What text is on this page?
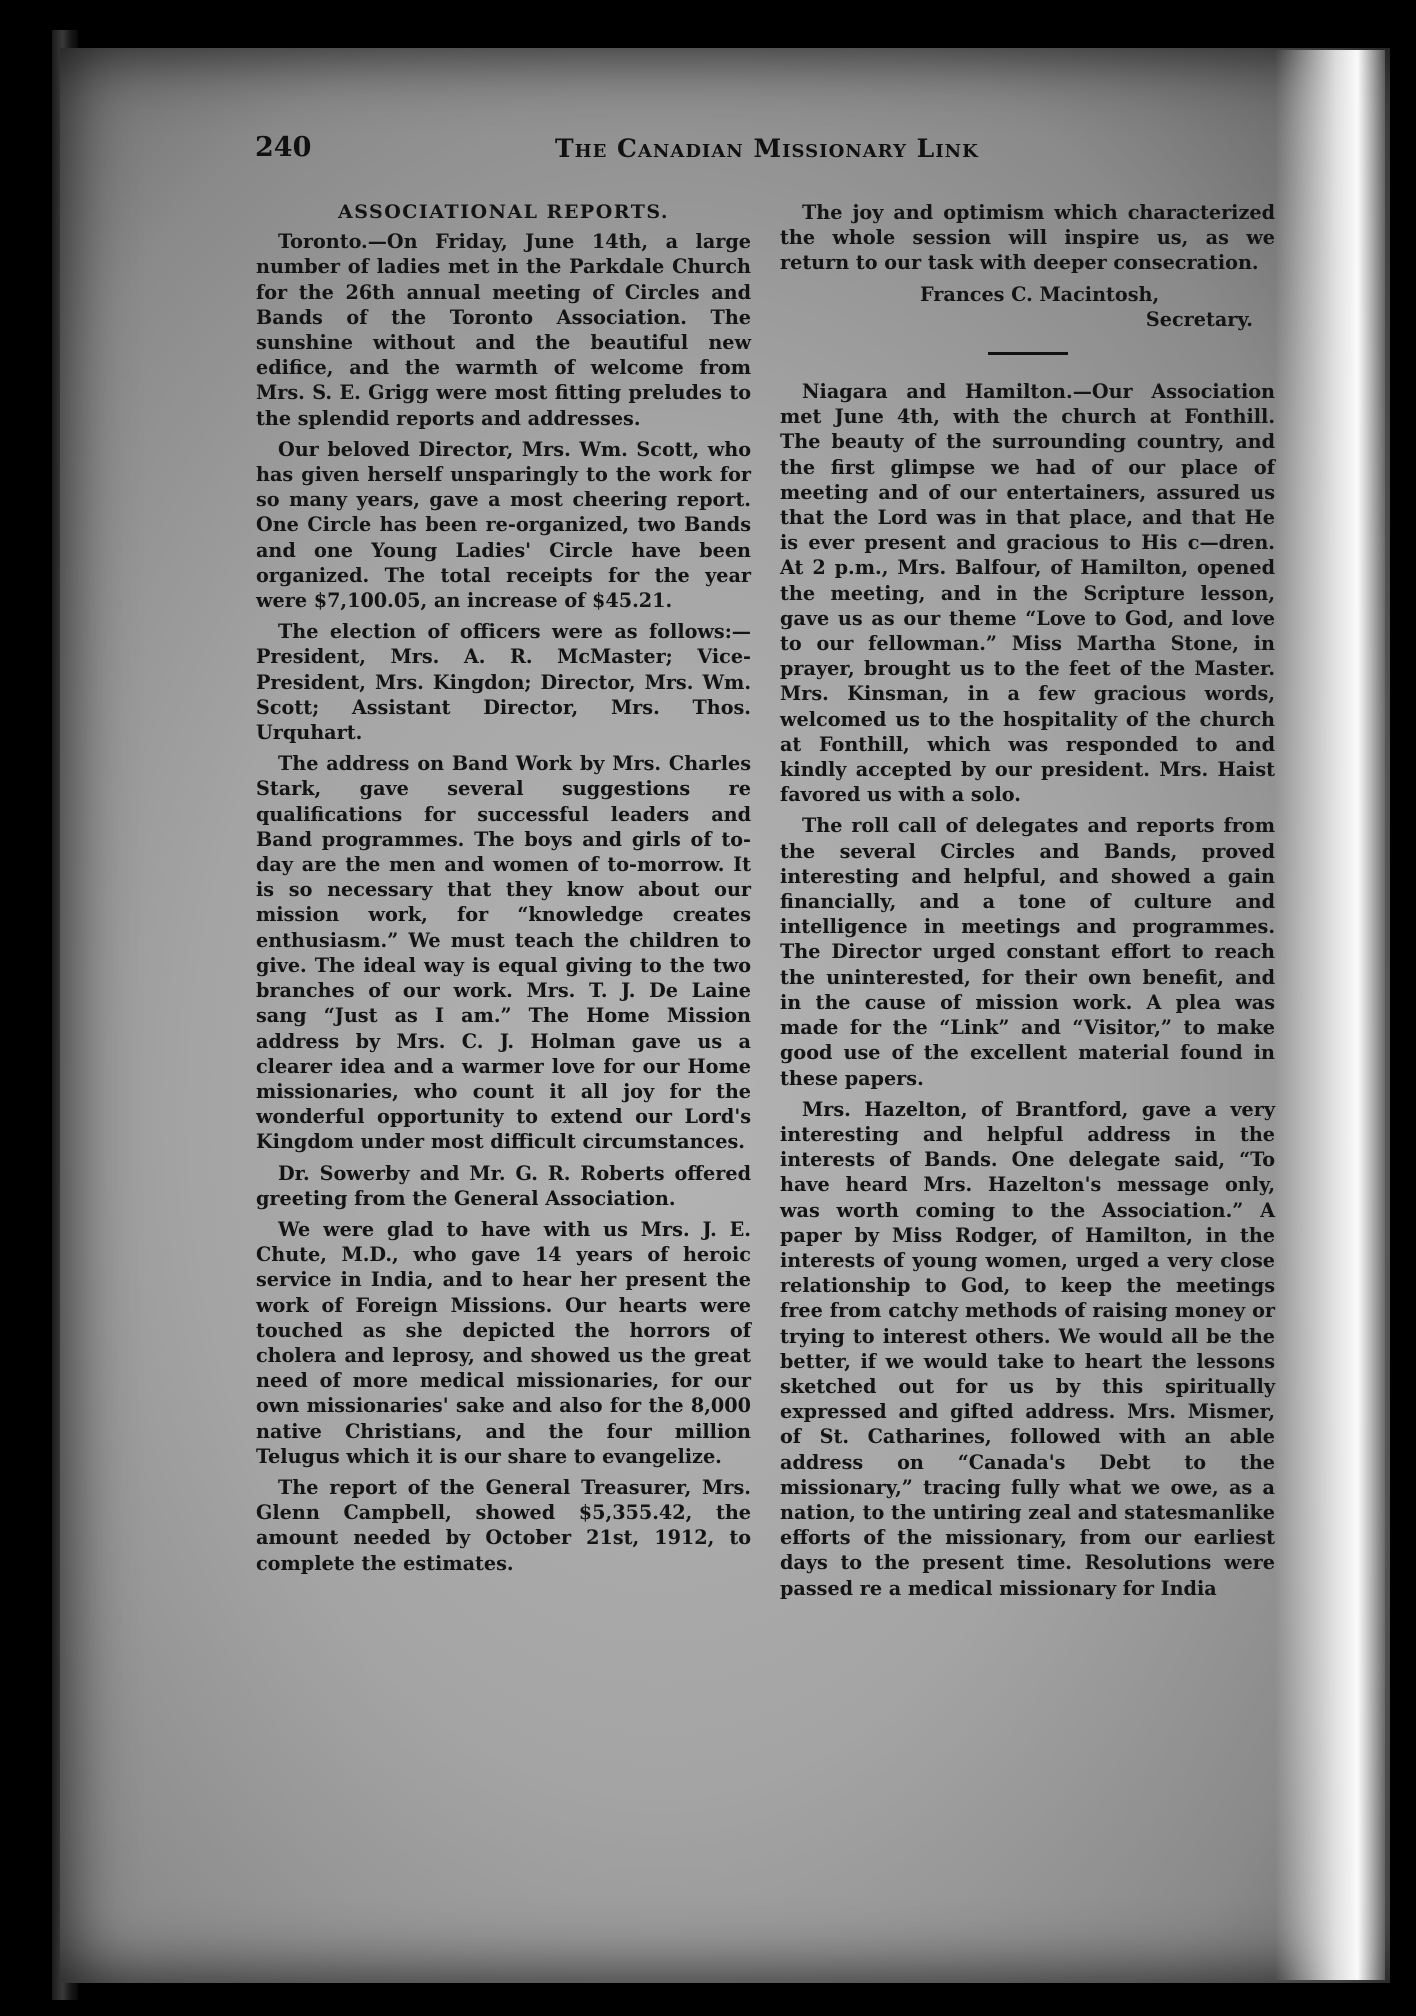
240	The Canadian Missionary Link
ASSOCIATIONAL REPORTS.

Toronto.—On Friday, June 14th, a large number of ladies met in the Parkdale Church for the 26th annual meeting of Circles and Bands of the Toronto Association. The sunshine without and the beautiful new edifice, and the warmth of welcome from Mrs. S. E. Grigg were most fitting preludes to the splendid reports and addresses.

Our beloved Director, Mrs. Wm. Scott, who has given herself unsparingly to the work for so many years, gave a most cheering report. One Circle has been re-organized, two Bands and one Young Ladies' Circle have been organized. The total receipts for the year were $7,100.05, an increase of $45.21.

The election of officers were as follows:—President, Mrs. A. R. McMaster; Vice-President, Mrs. Kingdon; Director, Mrs. Wm. Scott; Assistant Director, Mrs. Thos. Urquhart.

The address on Band Work by Mrs. Charles Stark, gave several suggestions re qualifications for successful leaders and Band programmes. The boys and girls of to-day are the men and women of to-morrow. It is so necessary that they know about our mission work, for “knowledge creates enthusiasm.” We must teach the children to give. The ideal way is equal giving to the two branches of our work. Mrs. T. J. De Laine sang “Just as I am.” The Home Mission address by Mrs. C. J. Holman gave us a clearer idea and a warmer love for our Home missionaries, who count it all joy for the wonderful opportunity to extend our Lord's Kingdom under most difficult circumstances.

Dr. Sowerby and Mr. G. R. Roberts offered greeting from the General Association.

We were glad to have with us Mrs. J. E. Chute, M.D., who gave 14 years of heroic service in India, and to hear her present the work of Foreign Missions. Our hearts were touched as she depicted the horrors of cholera and leprosy, and showed us the great need of more medical missionaries, for our own missionaries' sake and also for the 8,000 native Christians, and the four million Telugus which it is our share to evangelize.

The report of the General Treasurer, Mrs. Glenn Campbell, showed $5,355.42, the amount needed by October 21st, 1912, to complete the estimates.

The joy and optimism which characterized the whole session will inspire us, as we return to our task with deeper consecration.

Frances C. Macintosh,
Secretary.

Niagara and Hamilton.—Our Association met June 4th, with the church at Fonthill. The beauty of the surrounding country, and the first glimpse we had of our place of meeting and of our entertainers, assured us that the Lord was in that place, and that He is ever present and gracious to His c—dren. At 2 p.m., Mrs. Balfour, of Hamilton, opened the meeting, and in the Scripture lesson, gave us as our theme “Love to God, and love to our fellowman.” Miss Martha Stone, in prayer, brought us to the feet of the Master. Mrs. Kinsman, in a few gracious words, welcomed us to the hospitality of the church at Fonthill, which was responded to and kindly accepted by our president. Mrs. Haist favored us with a solo.

The roll call of delegates and reports from the several Circles and Bands, proved interesting and helpful, and showed a gain financially, and a tone of culture and intelligence in meetings and programmes. The Director urged constant effort to reach the uninterested, for their own benefit, and in the cause of mission work. A plea was made for the “Link” and “Visitor,” to make good use of the excellent material found in these papers.

Mrs. Hazelton, of Brantford, gave a very interesting and helpful address in the interests of Bands. One delegate said, “To have heard Mrs. Hazelton's message only, was worth coming to the Association.” A paper by Miss Rodger, of Hamilton, in the interests of young women, urged a very close relationship to God, to keep the meetings free from catchy methods of raising money or trying to interest others. We would all be the better, if we would take to heart the lessons sketched out for us by this spiritually expressed and gifted address. Mrs. Mismer, of St. Catharines, followed with an able address on “Canada's Debt to the missionary,” tracing fully what we owe, as a nation, to the untiring zeal and statesmanlike efforts of the missionary, from our earliest days to the present time. Resolutions were passed re a medical missionary for India
